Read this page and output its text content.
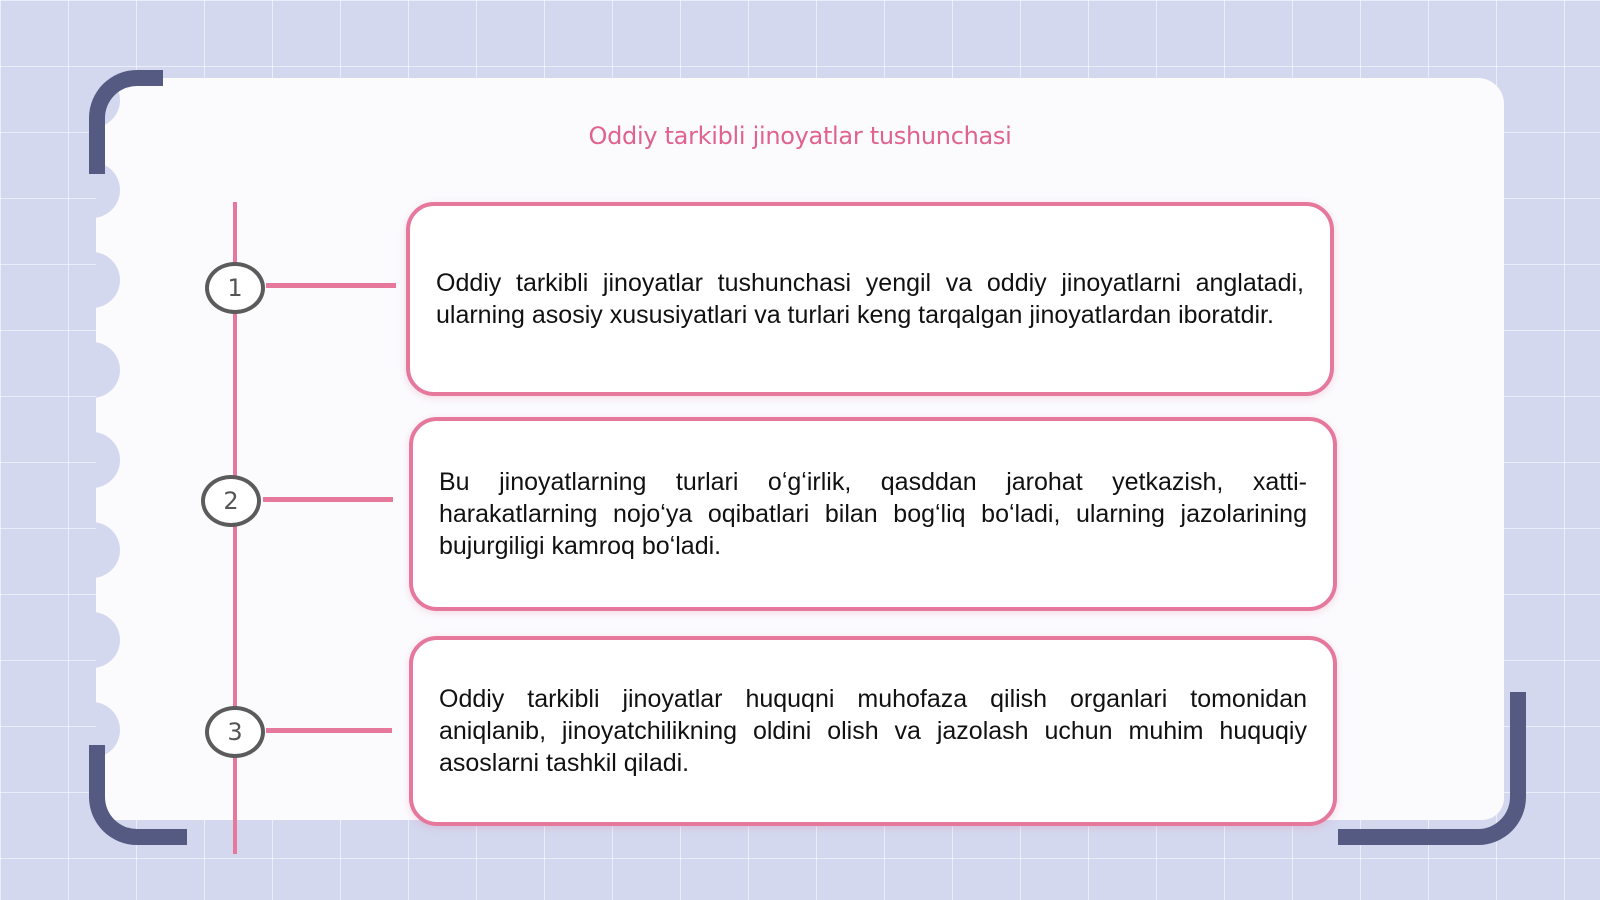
Oddiy tarkibli jinoyatlar tushunchasi
1	Oddiy tarkibli jinoyatlar tushunchasi yengil va oddiy jinoyatlarni anglatadi, ularning asosiy xususiyatlari va turlari keng tarqalgan jinoyatlardan iboratdir.

2

Bu jinoyatlarning turlari oʻgʻirlik, qasddan jarohat yetkazish, xatti-harakatlarning nojoʻya oqibatlari bilan bogʻliq boʻladi, ularning jazolarining bujurgiligi kamroq boʻladi.

3

Oddiy tarkibli jinoyatlar huquqni muhofaza qilish organlari tomonidan aniqlanib, jinoyatchilikning oldini olish va jazolash uchun muhim huquqiy asoslarni tashkil qiladi.
